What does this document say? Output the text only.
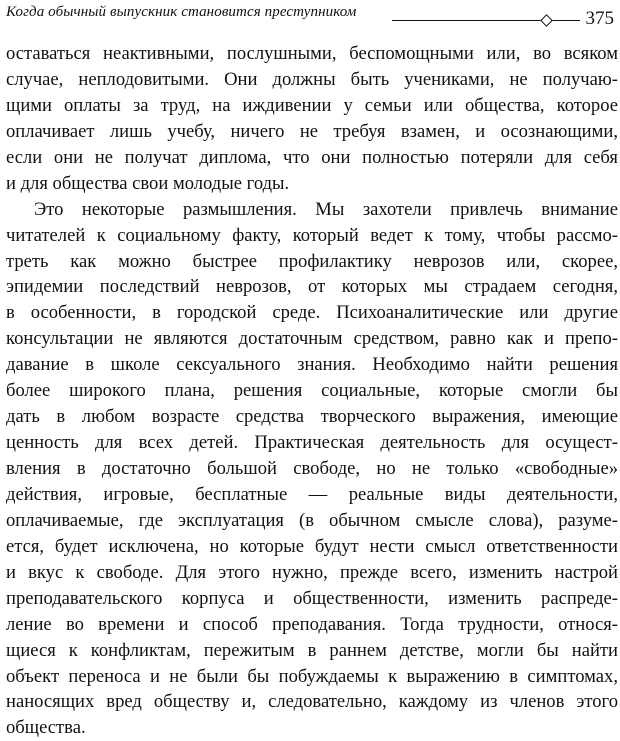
Когда обычный выпускник становится преступником	375
оставаться неактивными, послушными, беспомощными или, во всяком
случае, неплодовитыми. Они должны быть учениками, не получаю-
щими оплаты за труд, на иждивении у семьи или общества, которое
оплачивает лишь учебу, ничего не требуя взамен, и осознающими,
если они не получат диплома, что они полностью потеряли для себя
и для общества свои молодые годы.
Это некоторые размышления. Мы захотели привлечь внимание
читателей к социальному факту, который ведет к тому, чтобы рассмо-
треть как можно быстрее профилактику неврозов или, скорее,
эпидемии последствий неврозов, от которых мы страдаем сегодня,
в особенности, в городской среде. Психоаналитические или другие
консультации не являются достаточным средством, равно как и препо-
давание в школе сексуального знания. Необходимо найти решения
более широкого плана, решения социальные, которые смогли бы
дать в любом возрасте средства творческого выражения, имеющие
ценность для всех детей. Практическая деятельность для осущест-
вления в достаточно большой свободе, но не только «свободные»
действия, игровые, бесплатные — реальные виды деятельности,
оплачиваемые, где эксплуатация (в обычном смысле слова), разуме-
ется, будет исключена, но которые будут нести смысл ответственности
и вкус к свободе. Для этого нужно, прежде всего, изменить настрой
преподавательского корпуса и общественности, изменить распреде-
ление во времени и способ преподавания. Тогда трудности, относя-
щиеся к конфликтам, пережитым в раннем детстве, могли бы найти
объект переноса и не были бы побуждаемы к выражению в симптомах,
наносящих вред обществу и, следовательно, каждому из членов этого
общества.
